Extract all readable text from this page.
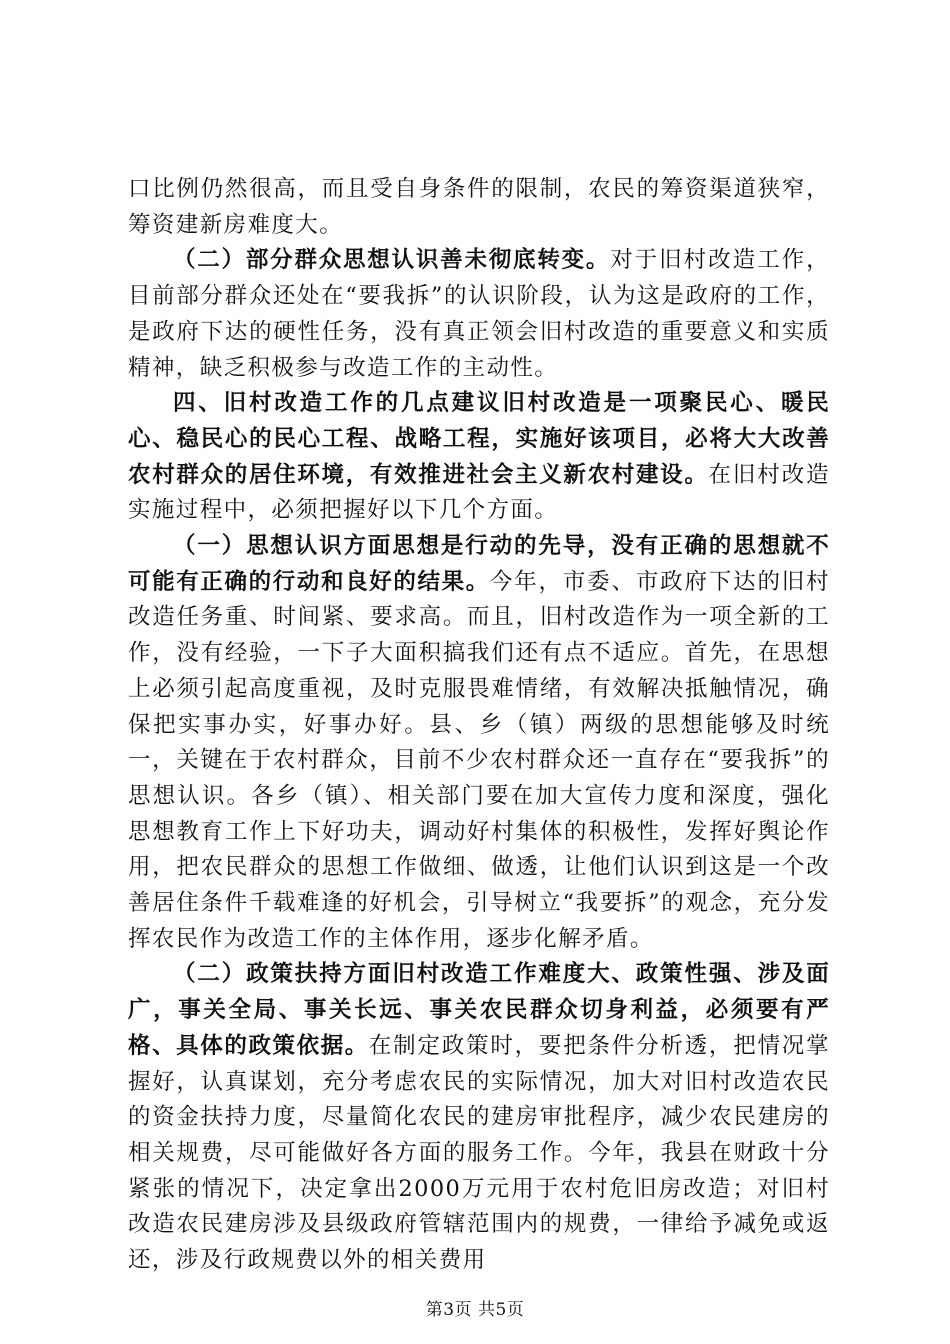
口比例仍然很高，而且受自身条件的限制，农民的筹资渠道狭窄，筹资建新房难度大。

（二）部分群众思想认识善未彻底转变。对于旧村改造工作，目前部分群众还处在“要我拆”的认识阶段，认为这是政府的工作，是政府下达的硬性任务，没有真正领会旧村改造的重要意义和实质精神，缺乏积极参与改造工作的主动性。

四、旧村改造工作的几点建议旧村改造是一项聚民心、暖民心、稳民心的民心工程、战略工程，实施好该项目，必将大大改善农村群众的居住环境，有效推进社会主义新农村建设。在旧村改造实施过程中，必须把握好以下几个方面。

（一）思想认识方面思想是行动的先导，没有正确的思想就不可能有正确的行动和良好的结果。今年，市委、市政府下达的旧村改造任务重、时间紧、要求高。而且，旧村改造作为一项全新的工作，没有经验，一下子大面积搞我们还有点不适应。首先，在思想上必须引起高度重视，及时克服畏难情绪，有效解决抵触情况，确保把实事办实，好事办好。县、乡（镇）两级的思想能够及时统一，关键在于农村群众，目前不少农村群众还一直存在“要我拆”的思想认识。各乡（镇）、相关部门要在加大宣传力度和深度，强化思想教育工作上下好功夫，调动好村集体的积极性，发挥好舆论作用，把农民群众的思想工作做细、做透，让他们认识到这是一个改善居住条件千载难逢的好机会，引导树立“我要拆”的观念，充分发挥农民作为改造工作的主体作用，逐步化解矛盾。

（二）政策扶持方面旧村改造工作难度大、政策性强、涉及面广，事关全局、事关长远、事关农民群众切身利益，必须要有严格、具体的政策依据。在制定政策时，要把条件分析透，把情况掌握好，认真谋划，充分考虑农民的实际情况，加大对旧村改造农民的资金扶持力度，尽量简化农民的建房审批程序，减少农民建房的相关规费，尽可能做好各方面的服务工作。今年，我县在财政十分紧张的情况下，决定拿出2000万元用于农村危旧房改造；对旧村改造农民建房涉及县级政府管辖范围内的规费，一律给予减免或返还，涉及行政规费以外的相关费用

第3页 共5页
